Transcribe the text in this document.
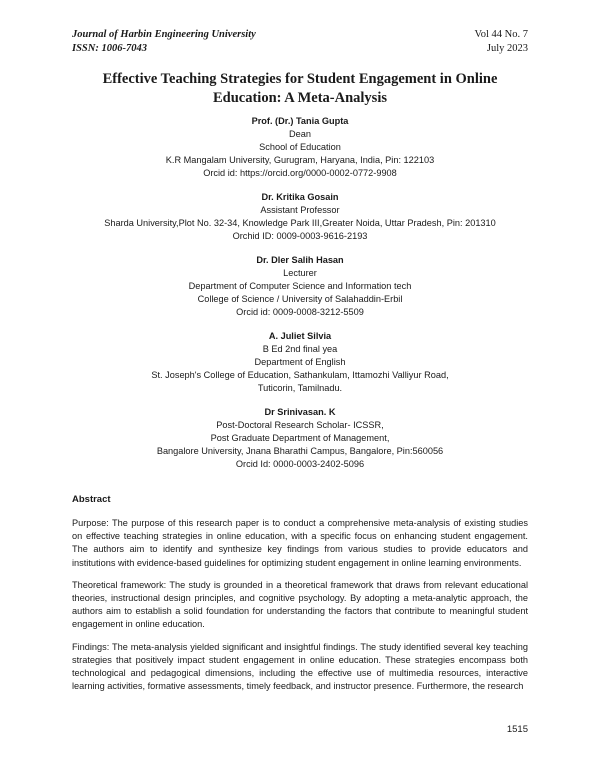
Journal of Harbin Engineering University
ISSN: 1006-7043
Vol 44 No. 7
July 2023
Effective Teaching Strategies for Student Engagement in Online
Education: A Meta-Analysis
Prof. (Dr.) Tania Gupta
Dean
School of Education
K.R Mangalam University, Gurugram, Haryana, India, Pin: 122103
Orcid id: https://orcid.org/0000-0002-0772-9908
Dr. Kritika Gosain
Assistant Professor
Sharda University,Plot No. 32-34, Knowledge Park III,Greater Noida, Uttar Pradesh, Pin: 201310
Orchid ID: 0009-0003-9616-2193
Dr. Dler Salih Hasan
Lecturer
Department of Computer Science and Information tech
College of Science / University of Salahaddin-Erbil
Orcid id: 0009-0008-3212-5509
A. Juliet Silvia
B Ed 2nd final yea
Department of English
St. Joseph's College of Education, Sathankulam, Ittamozhi Valliyur Road,
Tuticorin, Tamilnadu.
Dr Srinivasan. K
Post-Doctoral Research Scholar- ICSSR,
Post Graduate Department of Management,
Bangalore University, Jnana Bharathi Campus, Bangalore, Pin:560056
Orcid Id: 0000-0003-2402-5096
Abstract

Purpose: The purpose of this research paper is to conduct a comprehensive meta-analysis of existing studies on effective teaching strategies in online education, with a specific focus on enhancing student engagement. The authors aim to identify and synthesize key findings from various studies to provide educators and institutions with evidence-based guidelines for optimizing student engagement in online learning environments.

Theoretical framework: The study is grounded in a theoretical framework that draws from relevant educational theories, instructional design principles, and cognitive psychology. By adopting a meta-analytic approach, the authors aim to establish a solid foundation for understanding the factors that contribute to meaningful student engagement in online education.

Findings: The meta-analysis yielded significant and insightful findings. The study identified several key teaching strategies that positively impact student engagement in online education. These strategies encompass both technological and pedagogical dimensions, including the effective use of multimedia resources, interactive learning activities, formative assessments, timely feedback, and instructor presence. Furthermore, the research

1515
